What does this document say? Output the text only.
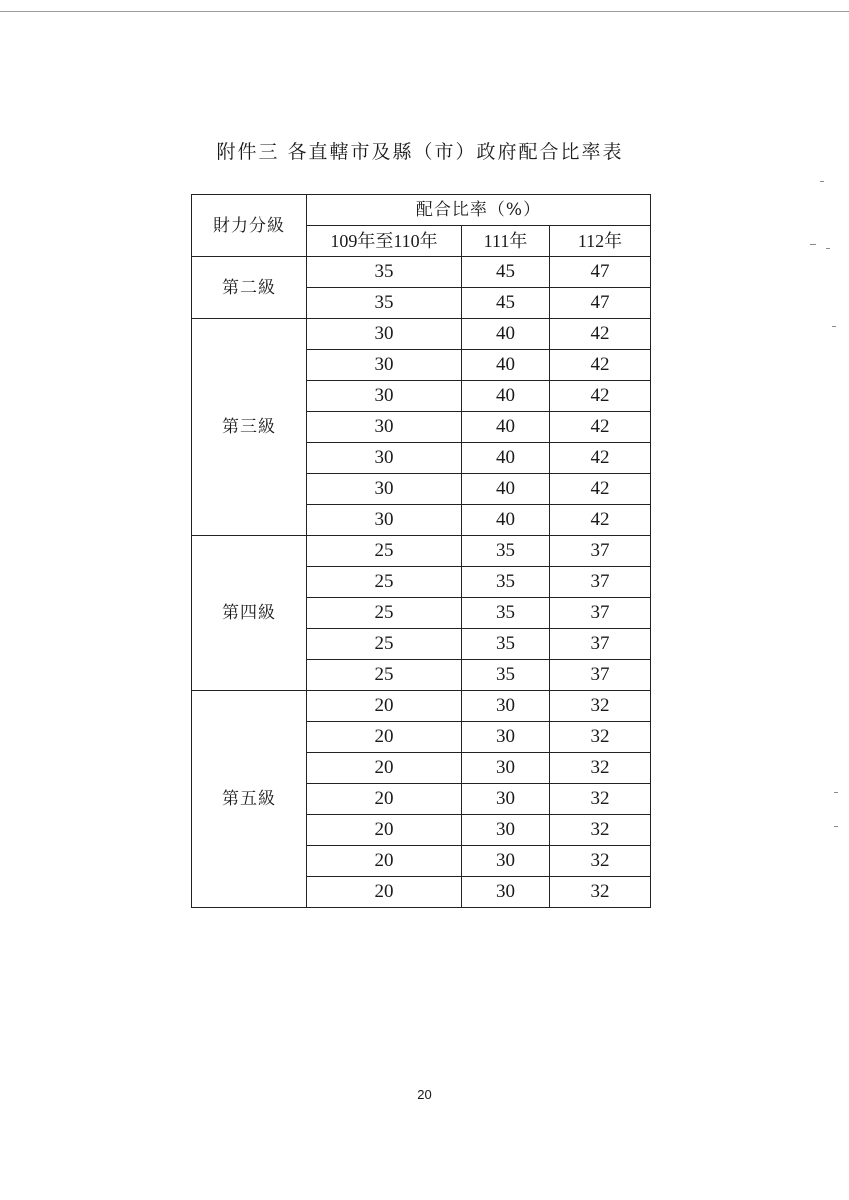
附件三 各直轄市及縣（市）政府配合比率表
財力分級	配合比率（%）		
	109年至110年	111年	112年
第二級	35	45	47
	35	45	47
第三級	30	40	42
	30	40	42
	30	40	42
	30	40	42
	30	40	42
	30	40	42
	30	40	42
第四級	25	35	37
	25	35	37
	25	35	37
	25	35	37
	25	35	37
第五級	20	30	32
	20	30	32
	20	30	32
	20	30	32
	20	30	32
	20	30	32
	20	30	32
20
